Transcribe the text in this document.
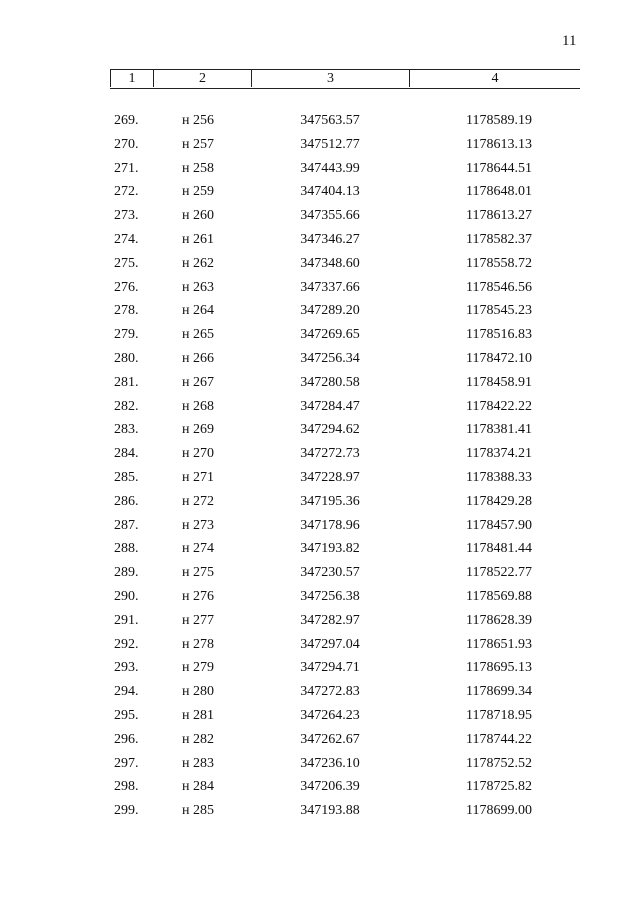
11
1	2	3	4
269.	н 256	347563.57	1178589.19
270.	н 257	347512.77	1178613.13
271.	н 258	347443.99	1178644.51
272.	н 259	347404.13	1178648.01
273.	н 260	347355.66	1178613.27
274.	н 261	347346.27	1178582.37
275.	н 262	347348.60	1178558.72
276.	н 263	347337.66	1178546.56
278.	н 264	347289.20	1178545.23
279.	н 265	347269.65	1178516.83
280.	н 266	347256.34	1178472.10
281.	н 267	347280.58	1178458.91
282.	н 268	347284.47	1178422.22
283.	н 269	347294.62	1178381.41
284.	н 270	347272.73	1178374.21
285.	н 271	347228.97	1178388.33
286.	н 272	347195.36	1178429.28
287.	н 273	347178.96	1178457.90
288.	н 274	347193.82	1178481.44
289.	н 275	347230.57	1178522.77
290.	н 276	347256.38	1178569.88
291.	н 277	347282.97	1178628.39
292.	н 278	347297.04	1178651.93
293.	н 279	347294.71	1178695.13
294.	н 280	347272.83	1178699.34
295.	н 281	347264.23	1178718.95
296.	н 282	347262.67	1178744.22
297.	н 283	347236.10	1178752.52
298.	н 284	347206.39	1178725.82
299.	н 285	347193.88	1178699.00
